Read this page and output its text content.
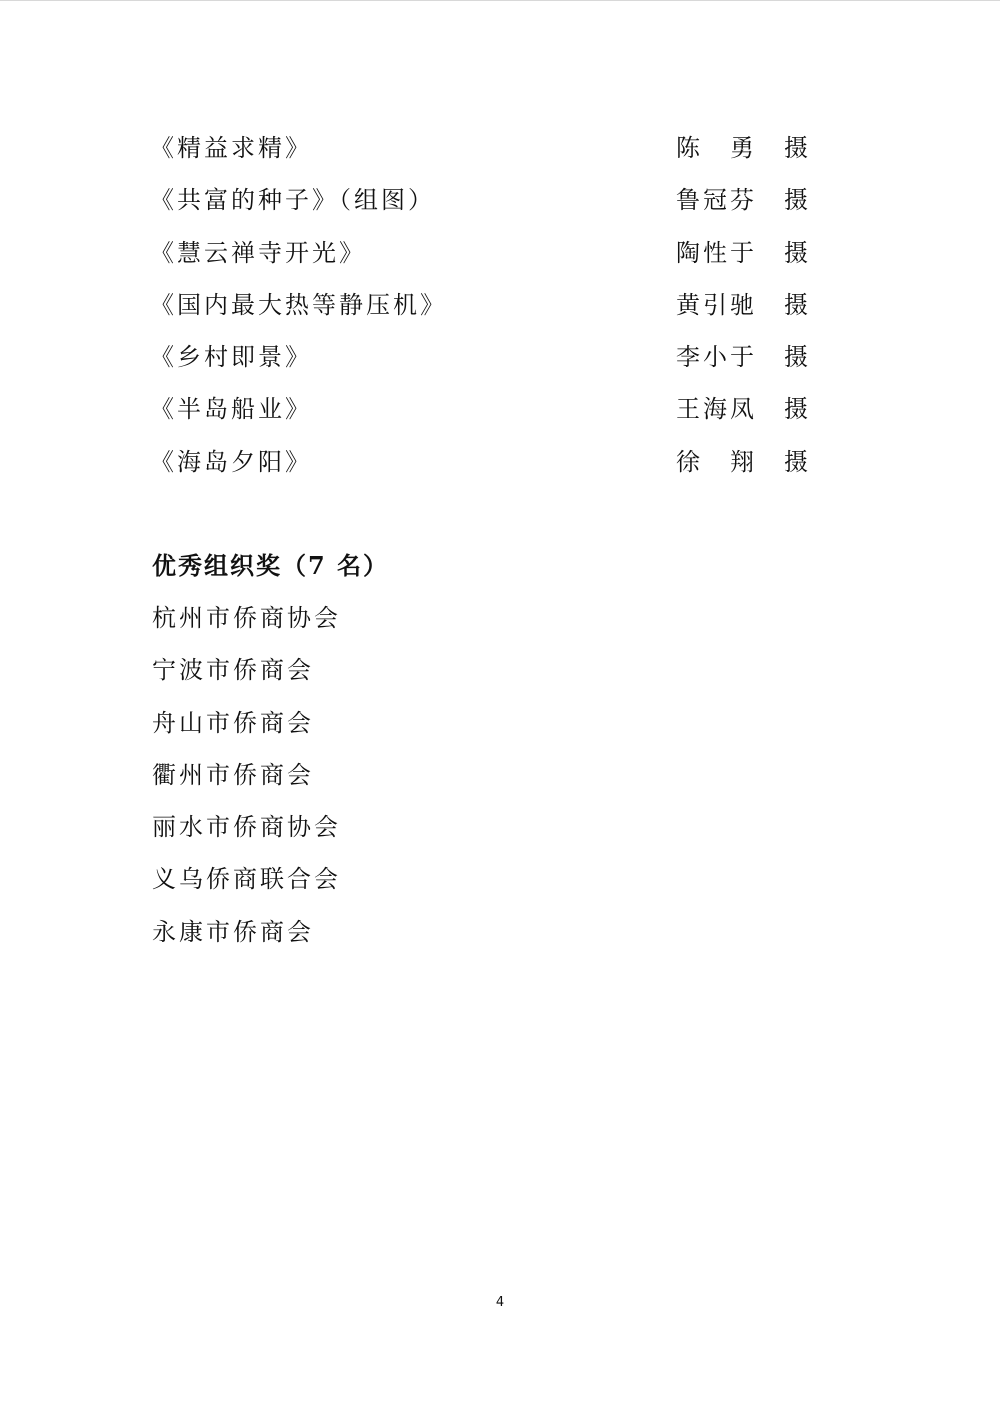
《精益求精》	陈　勇　摄
《共富的种子》（组图）	鲁冠芬　摄
《慧云禅寺开光》	陶性于　摄
《国内最大热等静压机》	黄引驰　摄
《乡村即景》	李小于　摄
《半岛船业》	王海凤　摄
《海岛夕阳》	徐　翔　摄
优秀组织奖（7 名）
杭州市侨商协会
宁波市侨商会
舟山市侨商会
衢州市侨商会
丽水市侨商协会
义乌侨商联合会
永康市侨商会
4
